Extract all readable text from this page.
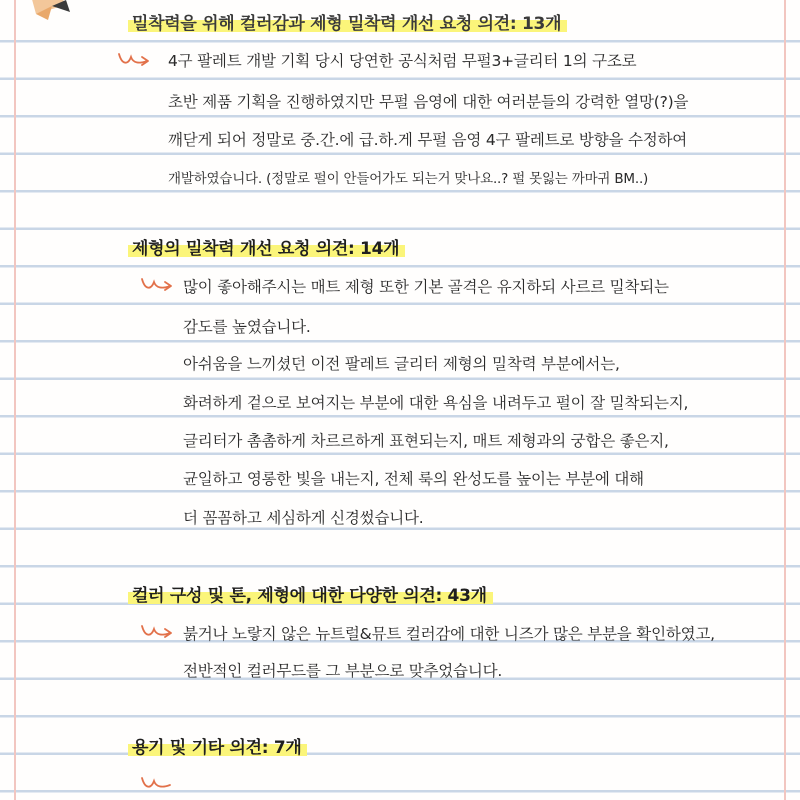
밀착력을 위해 컬러감과 제형 밀착력 개선 요청 의견: 13개

4구 팔레트 개발 기획 당시 당연한 공식처럼 무펄3+글리터 1의 구조로

초반 제품 기획을 진행하였지만 무펄 음영에 대한 여러분들의 강력한 열망(?)을

깨닫게 되어 정말로 중.간.에 급.하.게 무펄 음영 4구 팔레트로 방향을 수정하여

개발하였습니다. (정말로 펄이 안들어가도 되는거 맞나요..? 펄 못잃는 까마귀 BM..)

제형의 밀착력 개선 요청 의견: 14개

많이 좋아해주시는 매트 제형 또한 기본 골격은 유지하되 사르르 밀착되는

감도를 높였습니다.

아쉬움을 느끼셨던 이전 팔레트 글리터 제형의 밀착력 부분에서는,

화려하게 겉으로 보여지는 부분에 대한 욕심을 내려두고 펄이 잘 밀착되는지,

글리터가 촘촘하게 차르르하게 표현되는지, 매트 제형과의 궁합은 좋은지,

균일하고 영롱한 빛을 내는지, 전체 룩의 완성도를 높이는 부분에 대해

더 꼼꼼하고 세심하게 신경썼습니다.

컬러 구성 및 톤, 제형에 대한 다양한 의견: 43개

붉거나 노랗지 않은 뉴트럴&뮤트 컬러감에 대한 니즈가 많은 부분을 확인하였고,

전반적인 컬러무드를 그 부분으로 맞추었습니다.

용기 및 기타 의견: 7개
